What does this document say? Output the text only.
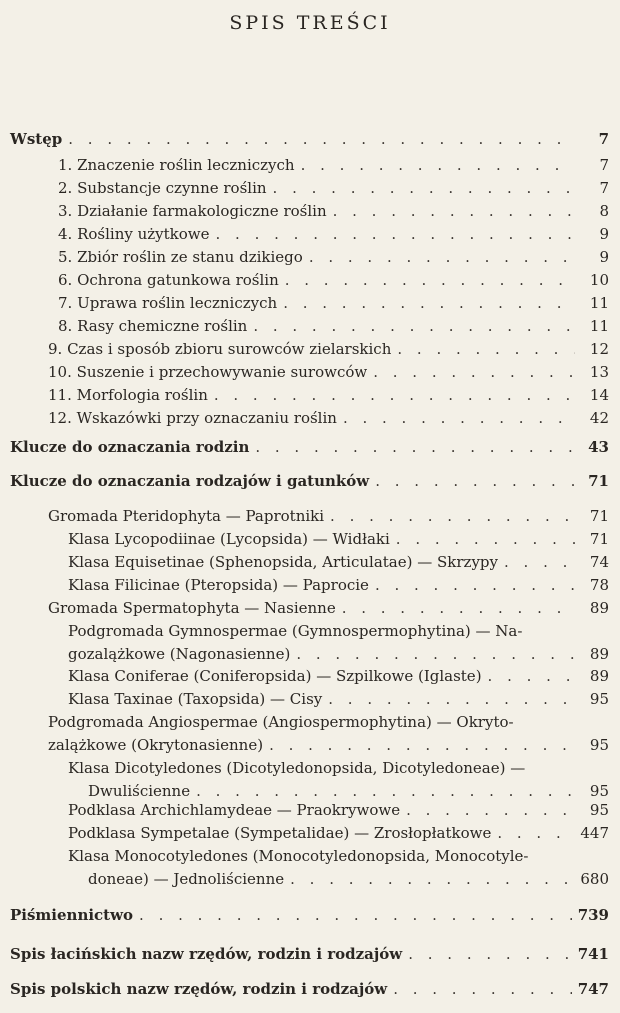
SPIS TREŚCI
Wstęp . . .	7
1. Znaczenie roślin leczniczych . . .	7
2. Substancje czynne roślin . . .	7
3. Działanie farmakologiczne roślin . . .	8
4. Rośliny użytkowe . . .	9
5. Zbiór roślin ze stanu dzikiego . . .	9
6. Ochrona gatunkowa roślin . . .	10
7. Uprawa roślin leczniczych . . .	11
8. Rasy chemiczne roślin . . .	11
9. Czas i sposób zbioru surowców zielarskich . . .	12
10. Suszenie i przechowywanie surowców . . .	13
11. Morfologia roślin . . .	14
12. Wskazówki przy oznaczaniu roślin . . .	42
Klucze do oznaczania rodzin . . .	43
Klucze do oznaczania rodzajów i gatunków . . .	71
Gromada Pteridophyta — Paprotniki . . .	71
Klasa Lycopodiinae (Lycopsida) — Widłaki . . .	71
Klasa Equisetinae (Sphenopsida, Articulatae) — Skrzypy . . .	74
Klasa Filicinae (Pteropsida) — Paprocie . . .	78
Gromada Spermatophyta — Nasienne . . .	89
Podgromada Gymnospermae (Gymnospermophytina) — Na-
gozalążkowe (Nagonasienne) . . .	89
Klasa Coniferae (Coniferopsida) — Szpilkowe (Iglaste) . . .	89
Klasa Taxinae (Taxopsida) — Cisy . . .	95
Podgromada Angiospermae (Angiospermophytina) — Okryto-
zalążkowe (Okrytonasienne) . . .	95
Klasa Dicotyledones (Dicotyledonopsida, Dicotyledoneae) —
Dwuliścienne . . .	95
Podklasa Archichlamydeae — Praokrywowe . . .	95
Podklasa Sympetalae (Sympetalidae) — Zrosłopłatkowe . . .	447
Klasa Monocotyledones (Monocotyledonopsida, Monocotyle-
doneae) — Jednoliścienne . . .	680
Piśmiennictwo . . .	739
Spis łacińskich nazw rzędów, rodzin i rodzajów . . .	741
Spis polskich nazw rzędów, rodzin i rodzajów . . .	747
